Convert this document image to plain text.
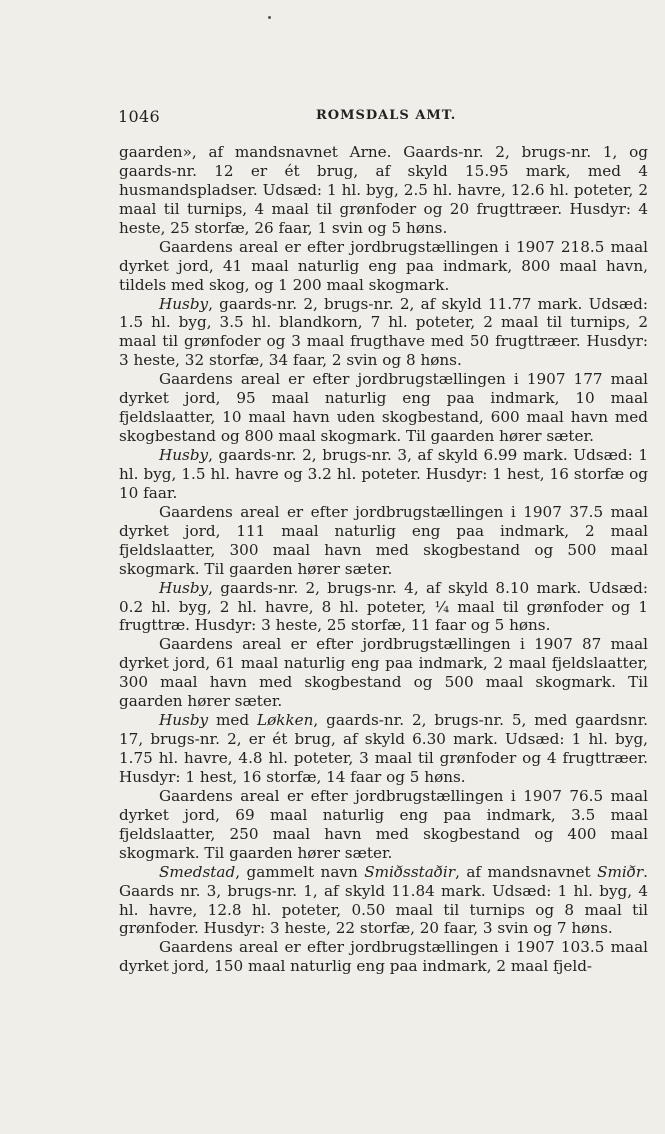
1046	ROMSDALS AMT.

gaarden», af mandsnavnet Arne. Gaards-nr. 2, brugs-nr. 1, og gaards-nr. 12 er ét brug, af skyld 15.95 mark, med 4 husmandspladser. Udsæd: 1 hl. byg, 2.5 hl. havre, 12.6 hl. poteter, 2 maal til turnips, 4 maal til grønfoder og 20 frugttræer. Husdyr: 4 heste, 25 storfæ, 26 faar, 1 svin og 5 høns.

Gaardens areal er efter jordbrugstællingen i 1907 218.5 maal dyrket jord, 41 maal naturlig eng paa indmark, 800 maal havn, tildels med skog, og 1 200 maal skogmark.

Husby, gaards-nr. 2, brugs-nr. 2, af skyld 11.77 mark. Udsæd: 1.5 hl. byg, 3.5 hl. blandkorn, 7 hl. poteter, 2 maal til turnips, 2 maal til grønfoder og 3 maal frugthave med 50 frugttræer. Husdyr: 3 heste, 32 storfæ, 34 faar, 2 svin og 8 høns.

Gaardens areal er efter jordbrugstællingen i 1907 177 maal dyrket jord, 95 maal naturlig eng paa indmark, 10 maal fjeldslaatter, 10 maal havn uden skogbestand, 600 maal havn med skogbestand og 800 maal skogmark. Til gaarden hører sæter.

Husby, gaards-nr. 2, brugs-nr. 3, af skyld 6.99 mark. Udsæd: 1 hl. byg, 1.5 hl. havre og 3.2 hl. poteter. Husdyr: 1 hest, 16 storfæ og 10 faar.

Gaardens areal er efter jordbrugstællingen i 1907 37.5 maal dyrket jord, 111 maal naturlig eng paa indmark, 2 maal fjeldslaatter, 300 maal havn med skogbestand og 500 maal skogmark. Til gaarden hører sæter.

Husby, gaards-nr. 2, brugs-nr. 4, af skyld 8.10 mark. Udsæd: 0.2 hl. byg, 2 hl. havre, 8 hl. poteter, ¼ maal til grønfoder og 1 frugttræ. Husdyr: 3 heste, 25 storfæ, 11 faar og 5 høns.

Gaardens areal er efter jordbrugstællingen i 1907 87 maal dyrket jord, 61 maal naturlig eng paa indmark, 2 maal fjeldslaatter, 300 maal havn med skogbestand og 500 maal skogmark. Til gaarden hører sæter.

Husby med Løkken, gaards-nr. 2, brugs-nr. 5, med gaardsnr. 17, brugs-nr. 2, er ét brug, af skyld 6.30 mark. Udsæd: 1 hl. byg, 1.75 hl. havre, 4.8 hl. poteter, 3 maal til grønfoder og 4 frugttræer. Husdyr: 1 hest, 16 storfæ, 14 faar og 5 høns.

Gaardens areal er efter jordbrugstællingen i 1907 76.5 maal dyrket jord, 69 maal naturlig eng paa indmark, 3.5 maal fjeldslaatter, 250 maal havn med skogbestand og 400 maal skogmark. Til gaarden hører sæter.

Smedstad, gammelt navn Smiðsstaðir, af mandsnavnet Smiðr. Gaards nr. 3, brugs-nr. 1, af skyld 11.84 mark. Udsæd: 1 hl. byg, 4 hl. havre, 12.8 hl. poteter, 0.50 maal til turnips og 8 maal til grønfoder. Husdyr: 3 heste, 22 storfæ, 20 faar, 3 svin og 7 høns.

Gaardens areal er efter jordbrugstællingen i 1907 103.5 maal dyrket jord, 150 maal naturlig eng paa indmark, 2 maal fjeld-
